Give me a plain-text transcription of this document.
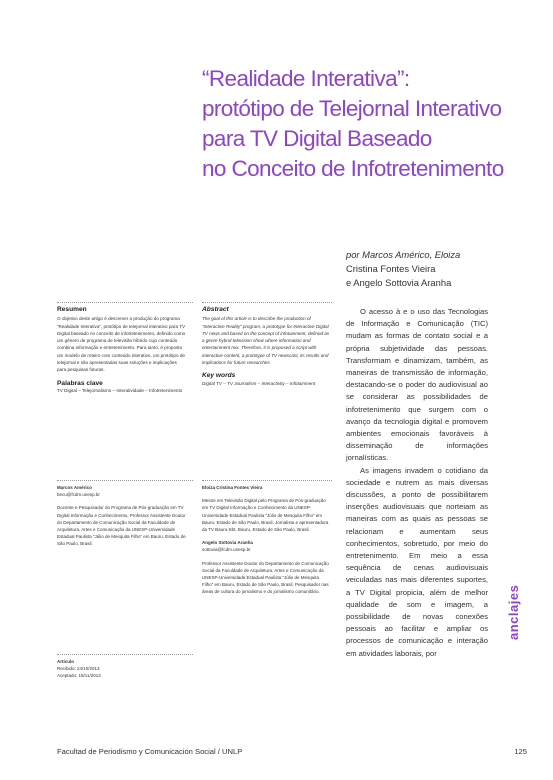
“Realidade Interativa”:
protótipo de Telejornal Interativo
para TV Digital Baseado
no Conceito de Infotretenimento
por Marcos Américo, Eloiza
Cristina Fontes Vieira
e Angelo Sottovia Aranha
Resumen
O objetivo deste artigo é descrever a produção do programa “Realidade Interativa”, protótipo de telejornal interativo para TV Digital baseado no conceito de infotretenimento, definido como um gênero de programa de televisão híbrido cujo conteúdo combina informação e entretenimento. Para tanto, é proposto um modelo de roteiro com conteúdo interativo, um protótipo de telejornal e são apresentadas suas soluções e implicações para pesquisas futuras.
Palabras clave
TV Digital – Telejornalismo – Interatividade – Infotretenimento
Abstract
The goal of this article is to describe the production of “Interactive Reality” program, a prototype for Interactive Digital TV news and based on the concept of infotainment, defined as a genre hybrid television show where information and entertainment mix. Therefore, it is proposed a script with interactive content, a prototype of TV newscast, its results and implications for future researches.
Key words
Digital TV – TV Journalism – Interactivity – Infotainment

O acesso à e o uso das Tecnologias de Informação e Comunicação (TIC) mudam as formas de contato social e a própria subjetividade das pessoas. Transformam e dinamizam, também, as maneiras de transmissão de informação, destacando-se o poder do audiovisual ao se considerar as possibilidades de infotretenimento que surgem com o avanço da tecnologia digital e promovem ambientes emocionais favoráveis à disseminação de informações jornalísticas.

As imagens invadem o cotidiano da sociedade e nutrem as mais diversas discussões, a ponto de possibilitarem inserções audiovisuais que norteiam as maneiras com as quais as pessoas se relacionam e aumentam seus conhecimentos, sobretudo, por meio do entretenimento. Em meio a essa sequência de cenas audiovisuais veiculadas nas mais diferentes suportes, a TV Digital propicia, além de melhor qualidade de som e imagem, a possibilidade de novas conexões pessoais ao facilitar e ampliar os processos de comunicação e interação em atividades laborais, por

Marcos Américo
becu@fcdm.unesp.br
Docente e Pesquisador do Programa de Pós-graduação em TV Digital Informação e Conhecimento, Professor Assistente Doutor do Departamento de Comunicação Social da Faculdade de Arquitetura, Artes e Comunicação da UNESP-Universidade Estadual Paulista “Júlio de Mesquita Filho” em Bauru, Estado de São Paulo, Brasil.
Eloiza Cristina Fontes Vieira
Mestre em Televisão Digital pelo Programa de Pós-graduação em TV Digital Informação e Conhecimento da UNESP-Universidade Estadual Paulista “Júlio de Mesquita Filho” em Bauru, Estado de São Paulo, Brasil. Jornalista e apresentadora da TV Bauru-Sbt, Bauru, Estado de São Paulo, Brasil.
Angelo Sottovia Aranha
sottovia@fcdm.unesp.br
Professor Assistente Doutor do Departamento de Comunicação Social da Faculdade de Arquitetura, Artes e Comunicação da UNESP-Universidade Estadual Paulista “Júlio de Mesquita Filho” em Bauru, Estado de São Paulo, Brasil. Pesquisador nas áreas de cultura do jornalismo e do jornalismo comunitário.
Artículo
Recibido: 24/10/2013
Aceptado: 18/11/2013
anclajes
Facultad de Periodismo y Comunicación Social / UNLP	125
